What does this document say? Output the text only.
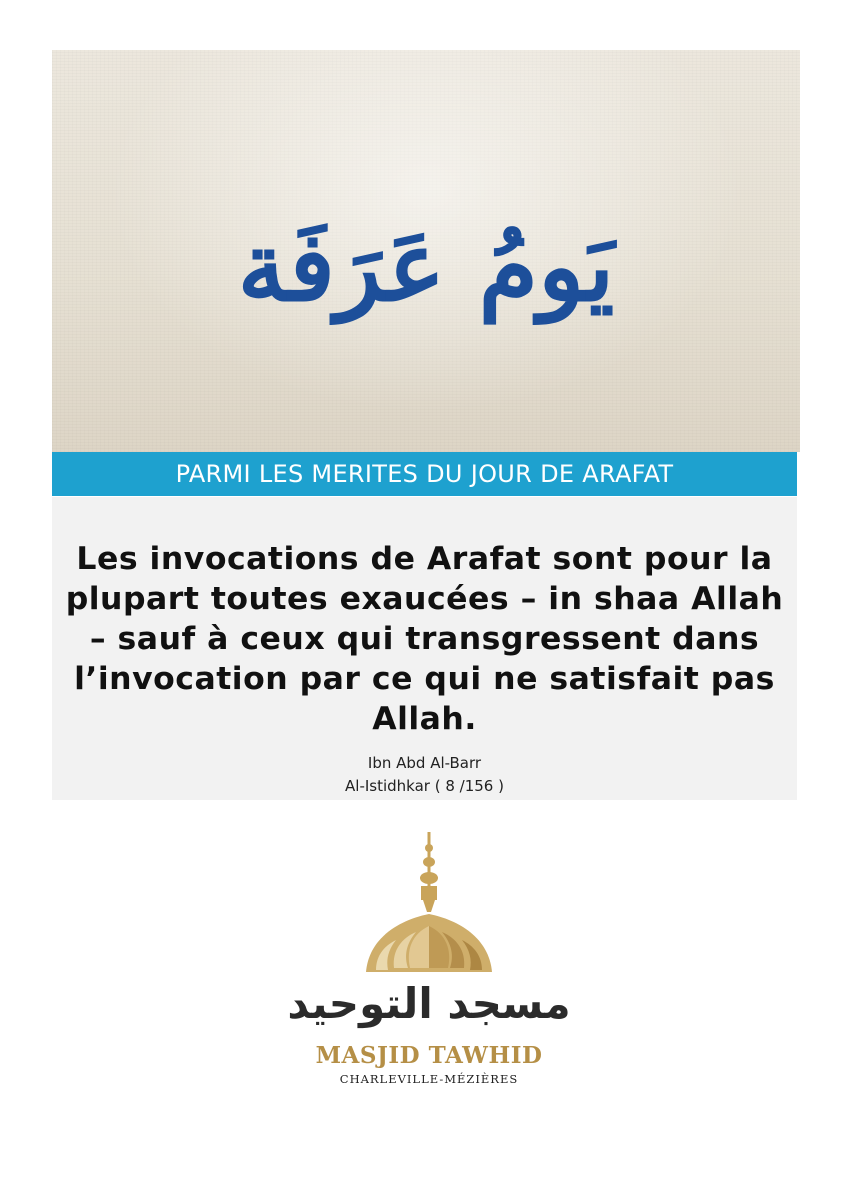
يَومُ عَرَفَة
PARMI LES MERITES DU JOUR DE ARAFAT

Les invocations de Arafat sont pour la plupart toutes exaucées – in shaa Allah – sauf à ceux qui transgressent dans l’invocation par ce qui ne satisfait pas Allah.

Ibn Abd Al-Barr
Al-Istidhkar ( 8 /156 )
مسجد التوحيد
MASJID TAWHID
CHARLEVILLE-MÉZIÈRES
